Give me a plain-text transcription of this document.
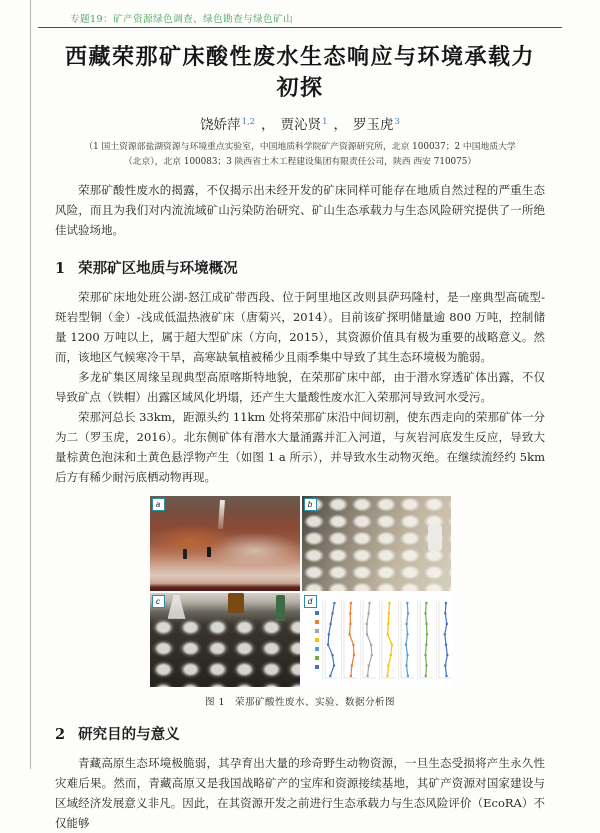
专题19：矿产资源绿色调查、绿色勘查与绿色矿山
西藏荣那矿床酸性废水生态响应与环境承载力初探
饶娇萍$^{1,2}$ ， 贾沁贤$^1$ ， 罗玉虎$^3$
（1 国土资源部盐湖资源与环境重点实验室，中国地质科学院矿产资源研究所，北京 100037；2 中国地质大学
（北京），北京 100083；3 陕西省土木工程建设集团有限责任公司，陕西 西安 710075）

荣那矿酸性废水的揭露，不仅揭示出未经开发的矿床同样可能存在地质自然过程的严重生态风险，而且为我们对内流流域矿山污染防治研究、矿山生态承载力与生态风险研究提供了一所绝佳试验场地。

1 荣那矿区地质与环境概况

荣那矿床地处班公湖-怒江成矿带西段、位于阿里地区改则县萨玛隆村，是一座典型高硫型-斑岩型铜（金）-浅成低温热液矿床（唐菊兴，2014）。目前该矿探明储量逾 800 万吨，控制储量 1200 万吨以上，属于超大型矿床（方向，2015），其资源价值具有极为重要的战略意义。然而，该地区气候寒冷干旱，高寒缺氧植被稀少且雨季集中导致了其生态环境极为脆弱。

多龙矿集区周缘呈现典型高原喀斯特地貌，在荣那矿床中部，由于潜水穿透矿体出露，不仅导致矿点（铁帽）出露区域风化坍塌，还产生大量酸性废水汇入荣那河导致河水受污。

荣那河总长 33km，距源头约 11km 处将荣那矿床沿中间切割，使东西走向的荣那矿体一分为二（罗玉虎，2016）。北东侧矿体有潜水大量涌露并汇入河道，与灰岩河底发生反应，导致大量棕黄色泡沫和土黄色悬浮物产生（如图 1 a 所示），并导致水生动物灭绝。在继续流经约 5km 后方有稀少耐污底栖动物再现。

a	b
c	d
图 1　荣那矿酸性废水、实验、数据分析图
2 研究目的与意义

青藏高原生态环境极脆弱，其孕育出大量的珍奇野生动物资源，一旦生态受损将产生永久性灾难后果。然而，青藏高原又是我国战略矿产的宝库和资源接续基地，其矿产资源对国家建设与区域经济发展意义非凡。因此，在其资源开发之前进行生态承载力与生态风险评价（EcoRA）不仅能够
